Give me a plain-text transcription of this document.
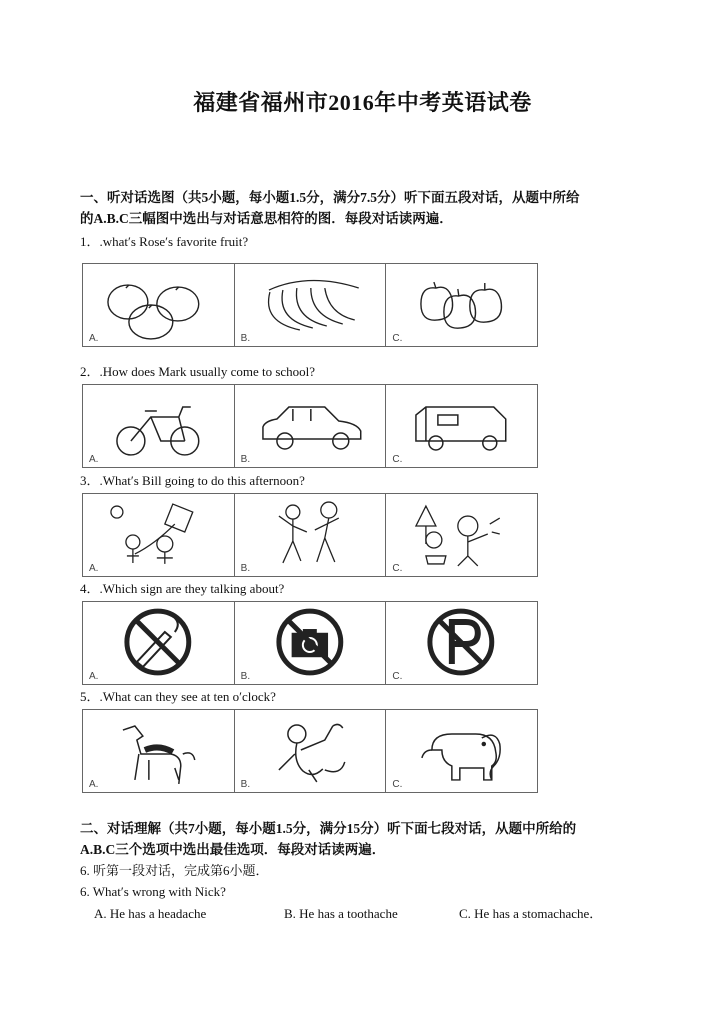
福建省福州市2016年中考英语试卷
一、听对话选图（共5小题，每小题1.5分，满分7.5分）听下面五段对话，从题中所给
的A.B.C三幅图中选出与对话意思相符的图．每段对话读两遍．
1．.what′s Rose′s favorite fruit?
A.	B.	C.
2．.How does Mark usually come to school?
A.	B.	C.
3．.What′s Bill going to do this afternoon?
A.	B.	C.
4．.Which sign are they talking about?
A.	B.	C.
5．.What can they see at ten o′clock?
A.	B.	C.
二、对话理解（共7小题，每小题1.5分，满分15分）听下面七段对话，从题中所给的
A.B.C三个选项中选出最佳选项．每段对话读两遍．
6. 听第一段对话，完成第6小题．
6. What′s wrong with Nick?
A. He has a headache	B. He has a toothache	C. He has a stomachache．
